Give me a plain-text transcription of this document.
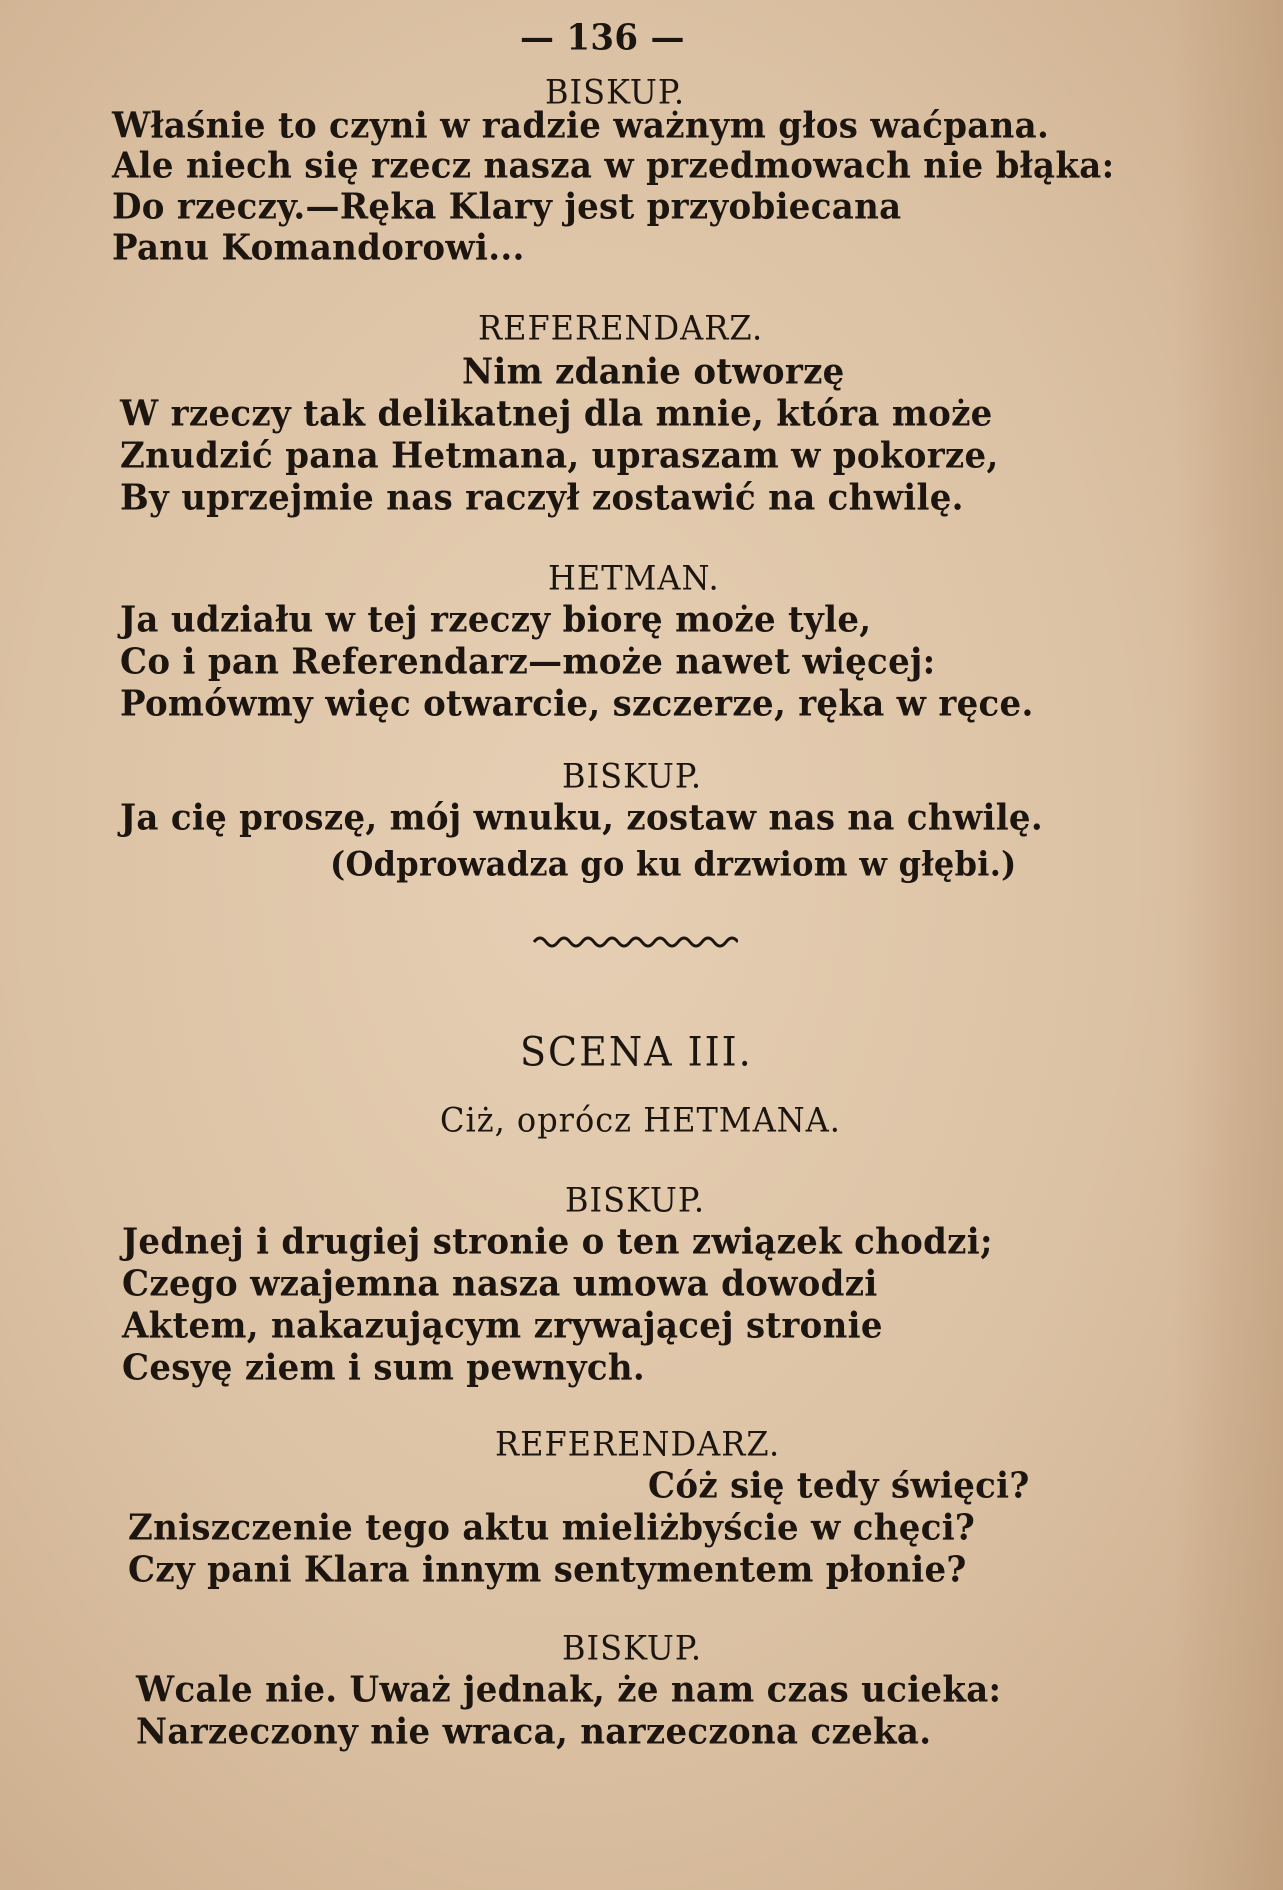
— 136 —
BISKUP.
Właśnie to czyni w radzie ważnym głos waćpana.
Ale niech się rzecz nasza w przedmowach nie błąka:
Do rzeczy.—Ręka Klary jest przyobiecana
Panu Komandorowi...
REFERENDARZ.
Nim zdanie otworzę
W rzeczy tak delikatnej dla mnie, która może
Znudzić pana Hetmana, upraszam w pokorze,
By uprzejmie nas raczył zostawić na chwilę.
HETMAN.
Ja udziału w tej rzeczy biorę może tyle,
Co i pan Referendarz—może nawet więcej:
Pomówmy więc otwarcie, szczerze, ręka w ręce.
BISKUP.
Ja cię proszę, mój wnuku, zostaw nas na chwilę.
(Odprowadza go ku drzwiom w głębi.)
SCENA III.
Ciż, oprócz HETMANA.
BISKUP.
Jednej i drugiej stronie o ten związek chodzi;
Czego wzajemna nasza umowa dowodzi
Aktem, nakazującym zrywającej stronie
Cesyę ziem i sum pewnych.
REFERENDARZ.
Cóż się tedy święci?
Zniszczenie tego aktu mieliżbyście w chęci?
Czy pani Klara innym sentymentem płonie?
BISKUP.
Wcale nie. Uważ jednak, że nam czas ucieka:
Narzeczony nie wraca, narzeczona czeka.
